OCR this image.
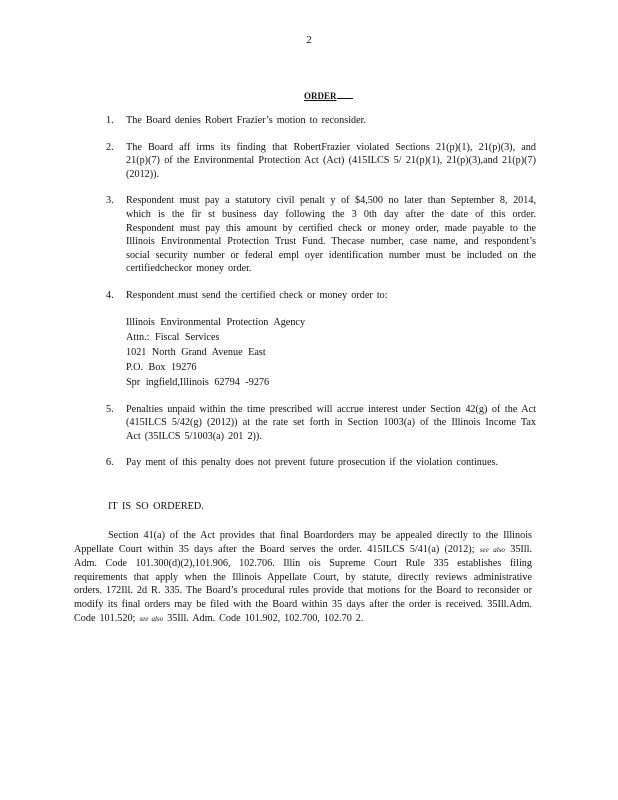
2
ORDER
1.	The Board denies Robert Frazier’s motion to reconsider.
2.	The Board aff irms its finding that RobertFrazier violated Sections 21(p)(1), 21(p)(3), and 21(p)(7) of the Environmental Protection Act (Act) (415ILCS 5/ 21(p)(1), 21(p)(3),and 21(p)(7) (2012)).
3.	Respondent must pay a statutory civil penalt y of $4,500 no later than September 8, 2014, which is the fir st business day following the 3 0th day after the date of this order. Respondent must pay this amount by certified check or money order, made payable to the Illinois Environmental Protection Trust Fund. Thecase number, case name, and respondent’s social security number or federal empl oyer identification number must be included on the certifiedcheckor money order.
4.	Respondent must send the certified check or money order to:
Illinois Environmental Protection Agency
Attn.: Fiscal Services
1021 North Grand Avenue East
P.O. Box 19276
Spr ingfield,Illinois 62794 -9276
5.	Penalties unpaid within the time prescribed will accrue interest under Section 42(g) of the Act (415ILCS 5/42(g) (2012)) at the rate set forth in Section 1003(a) of the Illinois Income Tax Act (35ILCS 5/1003(a) 201 2)).
6.	Pay ment of this penalty does not prevent future prosecution if the violation continues.
IT IS SO ORDERED.
Section 41(a) of the Act provides that final Boardorders may be appealed directly to the Illinois Appellate Court within 35 days after the Board serves the order. 415ILCS 5/41(a) (2012); see also 35Ill. Adm. Code 101.300(d)(2),101.906, 102.706. Illin ois Supreme Court Rule 335 establishes filing requirements that apply when the Illinois Appellate Court, by statute, directly reviews administrative orders. 172Ill. 2d R. 335. The Board’s procedural rules provide that motions for the Board to reconsider or modify its final orders may be filed with the Board within 35 days after the order is received. 35Ill.Adm. Code 101.520; see also 35Ill. Adm. Code 101.902, 102.700, 102.70 2.
